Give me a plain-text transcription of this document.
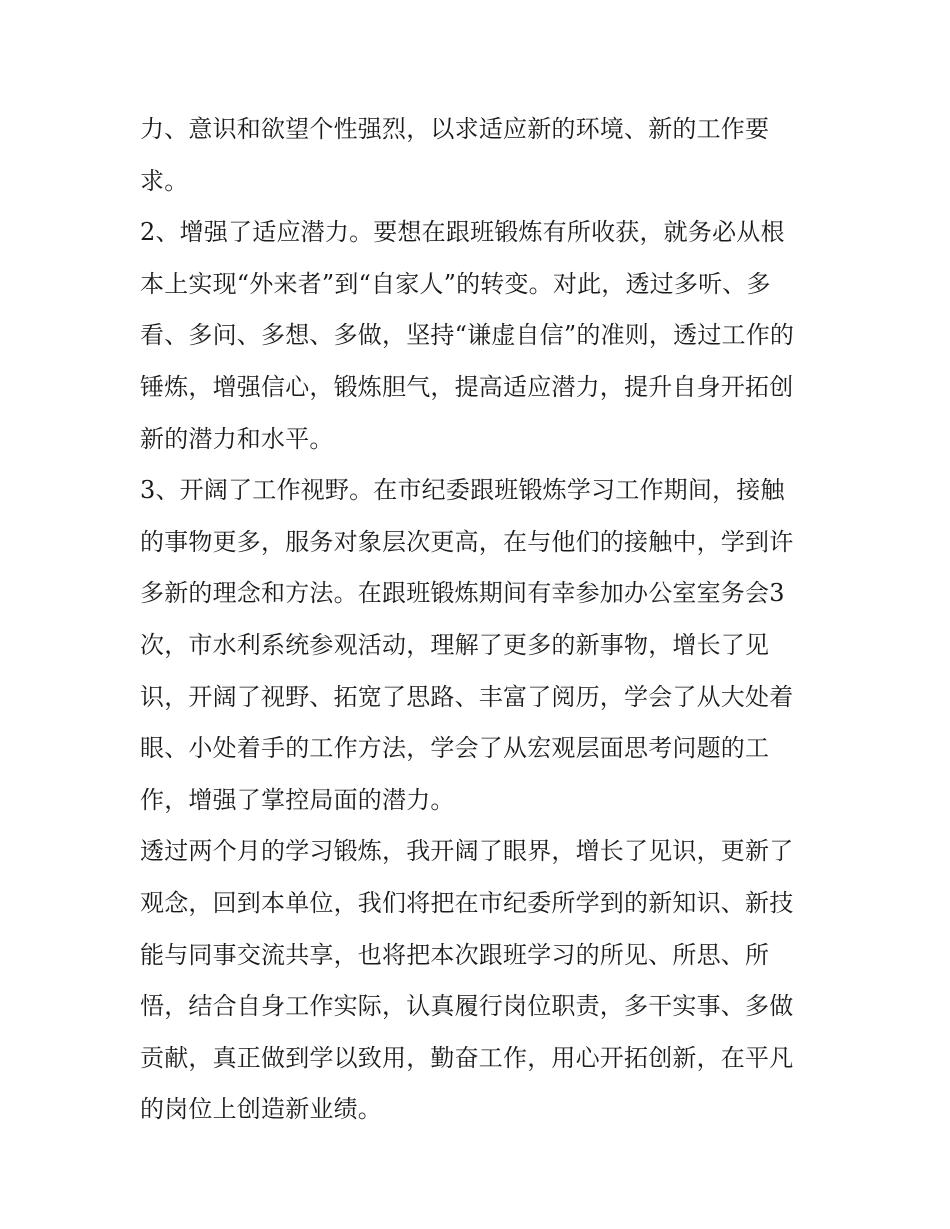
力、意识和欲望个性强烈，以求适应新的环境、新的工作要
求。
2、增强了适应潜力。要想在跟班锻炼有所收获，就务必从根
本上实现“外来者”到“自家人”的转变。对此，透过多听、多
看、多问、多想、多做，坚持“谦虚自信”的准则，透过工作的
锤炼，增强信心，锻炼胆气，提高适应潜力，提升自身开拓创
新的潜力和水平。
3、开阔了工作视野。在市纪委跟班锻炼学习工作期间，接触
的事物更多，服务对象层次更高，在与他们的接触中，学到许
多新的理念和方法。在跟班锻炼期间有幸参加办公室室务会3
次，市水利系统参观活动，理解了更多的新事物，增长了见
识，开阔了视野、拓宽了思路、丰富了阅历，学会了从大处着
眼、小处着手的工作方法，学会了从宏观层面思考问题的工
作，增强了掌控局面的潜力。
透过两个月的学习锻炼，我开阔了眼界，增长了见识，更新了
观念，回到本单位，我们将把在市纪委所学到的新知识、新技
能与同事交流共享，也将把本次跟班学习的所见、所思、所
悟，结合自身工作实际，认真履行岗位职责，多干实事、多做
贡献，真正做到学以致用，勤奋工作，用心开拓创新，在平凡
的岗位上创造新业绩。
